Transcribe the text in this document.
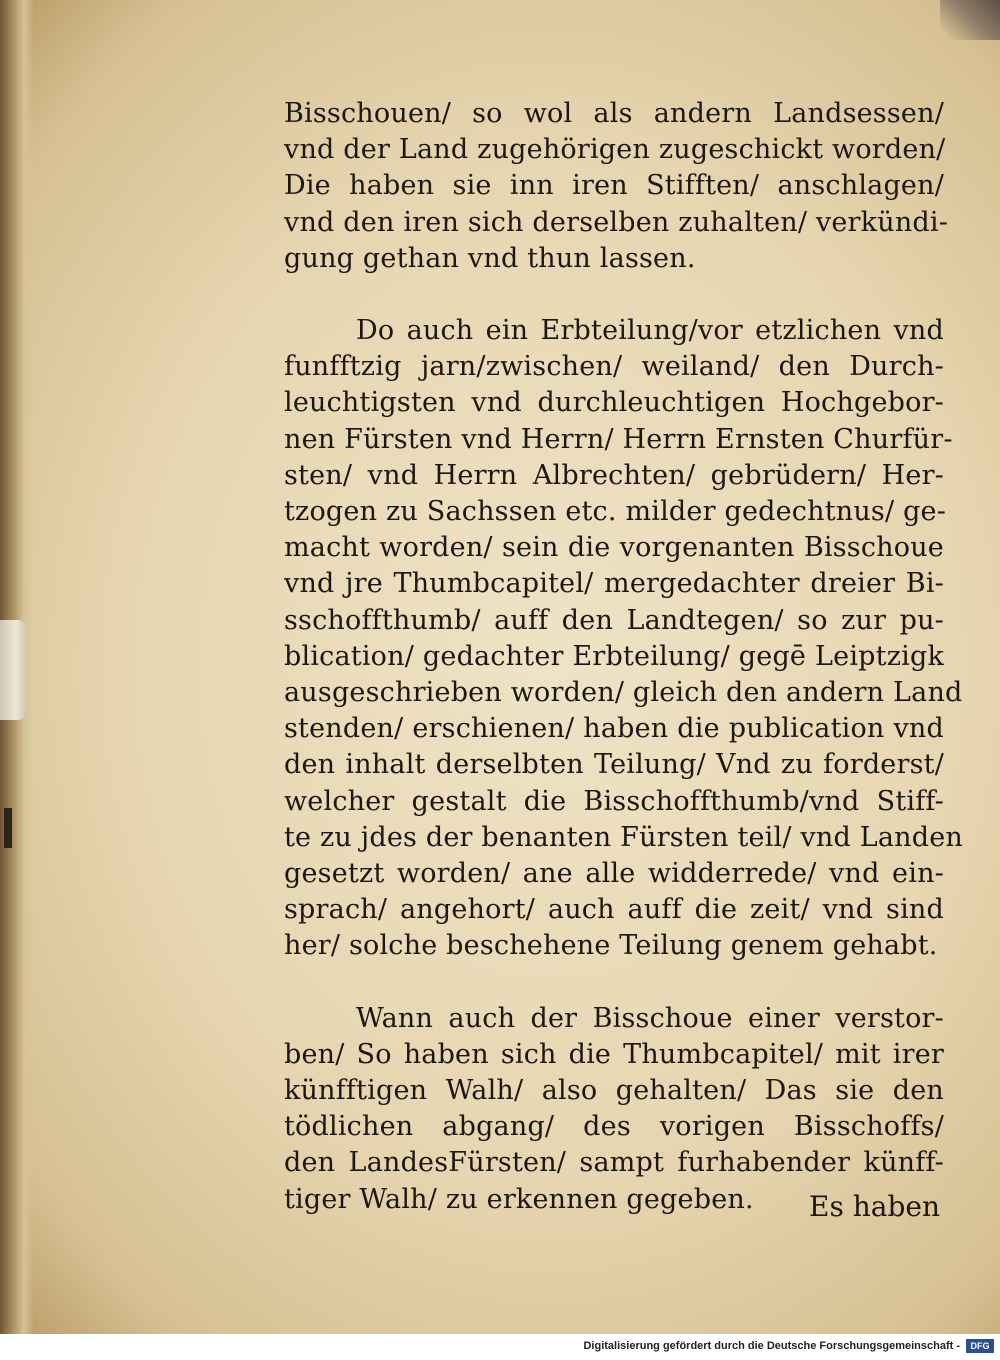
Bisschouen/ so wol als andern Landsessen/
vnd der Land zugehörigen zugeschickt worden/
Die haben sie inn iren Stifften/ anschlagen/
vnd den iren sich derselben zuhalten/ verkündi-
gung gethan vnd thun lassen.
Do auch ein Erbteilung/vor etzlichen vnd
funfftzig jarn/zwischen/ weiland/ den Durch-
leuchtigsten vnd durchleuchtigen Hochgebor-
nen Fürsten vnd Herrn/ Herrn Ernsten Churfür-
sten/ vnd Herrn Albrechten/ gebrüdern/ Her-
tzogen zu Sachssen etc. milder gedechtnus/ ge-
macht worden/ sein die vorgenanten Bisschoue
vnd jre Thumbcapitel/ mergedachter dreier Bi-
sschoffthumb/ auff den Landtegen/ so zur pu-
blication/ gedachter Erbteilung/ gegē Leiptzigk
ausgeschrieben worden/ gleich den andern Land
stenden/ erschienen/ haben die publication vnd
den inhalt derselbten Teilung/ Vnd zu forderst/
welcher gestalt die Bisschoffthumb/vnd Stiff-
te zu jdes der benanten Fürsten teil/ vnd Landen
gesetzt worden/ ane alle widderrede/ vnd ein-
sprach/ angehort/ auch auff die zeit/ vnd sind
her/ solche beschehene Teilung genem gehabt.
Wann auch der Bisschoue einer verstor-
ben/ So haben sich die Thumbcapitel/ mit irer
künfftigen Walh/ also gehalten/ Das sie den
tödlichen abgang/ des vorigen Bisschoffs/
den LandesFürsten/ sampt furhabender künff-
tiger Walh/ zu erkennen gegeben.	Es haben
Digitalisierung gefördert durch die Deutsche Forschungsgemeinschaft -	DFG
